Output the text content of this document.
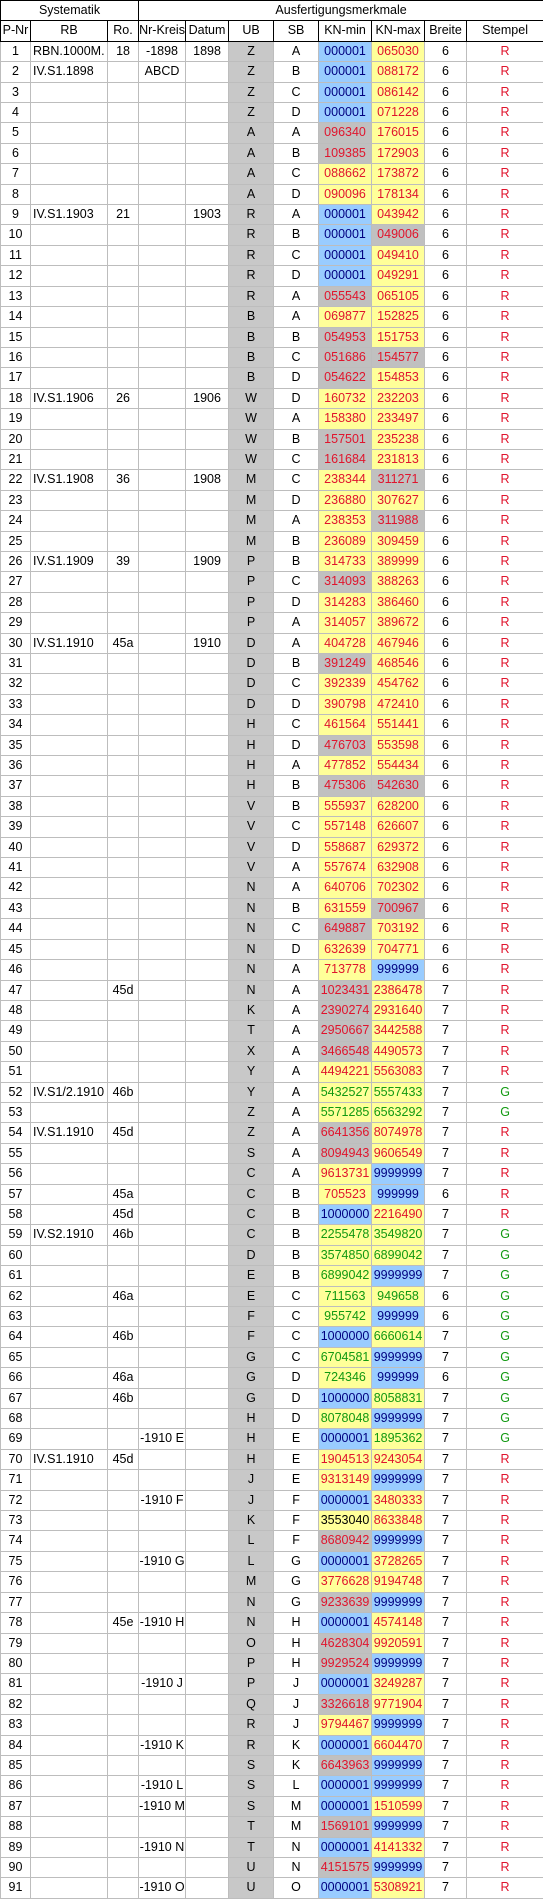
Systematik			Ausfertigungsmerkmale							
P-Nr	RB	Ro.	Nr-Kreis	Datum	UB	SB	KN-min	KN-max	Breite	Stempel
1	RBN.1000M.	18	-1898	1898	Z	A	000001	065030	6	R
2	IV.S1.1898		ABCD		Z	B	000001	088172	6	R
3					Z	C	000001	086142	6	R
4					Z	D	000001	071228	6	R
5					A	A	096340	176015	6	R
6					A	B	109385	172903	6	R
7					A	C	088662	173872	6	R
8					A	D	090096	178134	6	R
9	IV.S1.1903	21		1903	R	A	000001	043942	6	R
10					R	B	000001	049006	6	R
11					R	C	000001	049410	6	R
12					R	D	000001	049291	6	R
13					R	A	055543	065105	6	R
14					B	A	069877	152825	6	R
15					B	B	054953	151753	6	R
16					B	C	051686	154577	6	R
17					B	D	054622	154853	6	R
18	IV.S1.1906	26		1906	W	D	160732	232203	6	R
19					W	A	158380	233497	6	R
20					W	B	157501	235238	6	R
21					W	C	161684	231813	6	R
22	IV.S1.1908	36		1908	M	C	238344	311271	6	R
23					M	D	236880	307627	6	R
24					M	A	238353	311988	6	R
25					M	B	236089	309459	6	R
26	IV.S1.1909	39		1909	P	B	314733	389999	6	R
27					P	C	314093	388263	6	R
28					P	D	314283	386460	6	R
29					P	A	314057	389672	6	R
30	IV.S1.1910	45a		1910	D	A	404728	467946	6	R
31					D	B	391249	468546	6	R
32					D	C	392339	454762	6	R
33					D	D	390798	472410	6	R
34					H	C	461564	551441	6	R
35					H	D	476703	553598	6	R
36					H	A	477852	554434	6	R
37					H	B	475306	542630	6	R
38					V	B	555937	628200	6	R
39					V	C	557148	626607	6	R
40					V	D	558687	629372	6	R
41					V	A	557674	632908	6	R
42					N	A	640706	702302	6	R
43					N	B	631559	700967	6	R
44					N	C	649887	703192	6	R
45					N	D	632639	704771	6	R
46					N	A	713778	999999	6	R
47		45d			N	A	1023431	2386478	7	R
48					K	A	2390274	2931640	7	R
49					T	A	2950667	3442588	7	R
50					X	A	3466548	4490573	7	R
51					Y	A	4494221	5563083	7	R
52	IV.S1/2.1910	46b			Y	A	5432527	5557433	7	G
53					Z	A	5571285	6563292	7	G
54	IV.S1.1910	45d			Z	A	6641356	8074978	7	R
55					S	A	8094943	9606549	7	R
56					C	A	9613731	9999999	7	R
57		45a			C	B	705523	999999	6	R
58		45d			C	B	1000000	2216490	7	R
59	IV.S2.1910	46b			C	B	2255478	3549820	7	G
60					D	B	3574850	6899042	7	G
61					E	B	6899042	9999999	7	G
62		46a			E	C	711563	949658	6	G
63					F	C	955742	999999	6	G
64		46b			F	C	1000000	6660614	7	G
65					G	C	6704581	9999999	7	G
66		46a			G	D	724346	999999	6	G
67		46b			G	D	1000000	8058831	7	G
68					H	D	8078048	9999999	7	G
69			-1910 E		H	E	0000001	1895362	7	G
70	IV.S1.1910	45d			H	E	1904513	9243054	7	R
71					J	E	9313149	9999999	7	R
72			-1910 F		J	F	0000001	3480333	7	R
73					K	F	3553040	8633848	7	R
74					L	F	8680942	9999999	7	R
75			-1910 G		L	G	0000001	3728265	7	R
76					M	G	3776628	9194748	7	R
77					N	G	9233639	9999999	7	R
78		45e	-1910 H		N	H	0000001	4574148	7	R
79					O	H	4628304	9920591	7	R
80					P	H	9929524	9999999	7	R
81			-1910 J		P	J	0000001	3249287	7	R
82					Q	J	3326618	9771904	7	R
83					R	J	9794467	9999999	7	R
84			-1910 K		R	K	0000001	6604470	7	R
85					S	K	6643963	9999999	7	R
86			-1910 L		S	L	0000001	9999999	7	R
87			-1910 M		S	M	0000001	1510599	7	R
88					T	M	1569101	9999999	7	R
89			-1910 N		T	N	0000001	4141332	7	R
90					U	N	4151575	9999999	7	R
91			-1910 O		U	O	0000001	5308921	7	R
